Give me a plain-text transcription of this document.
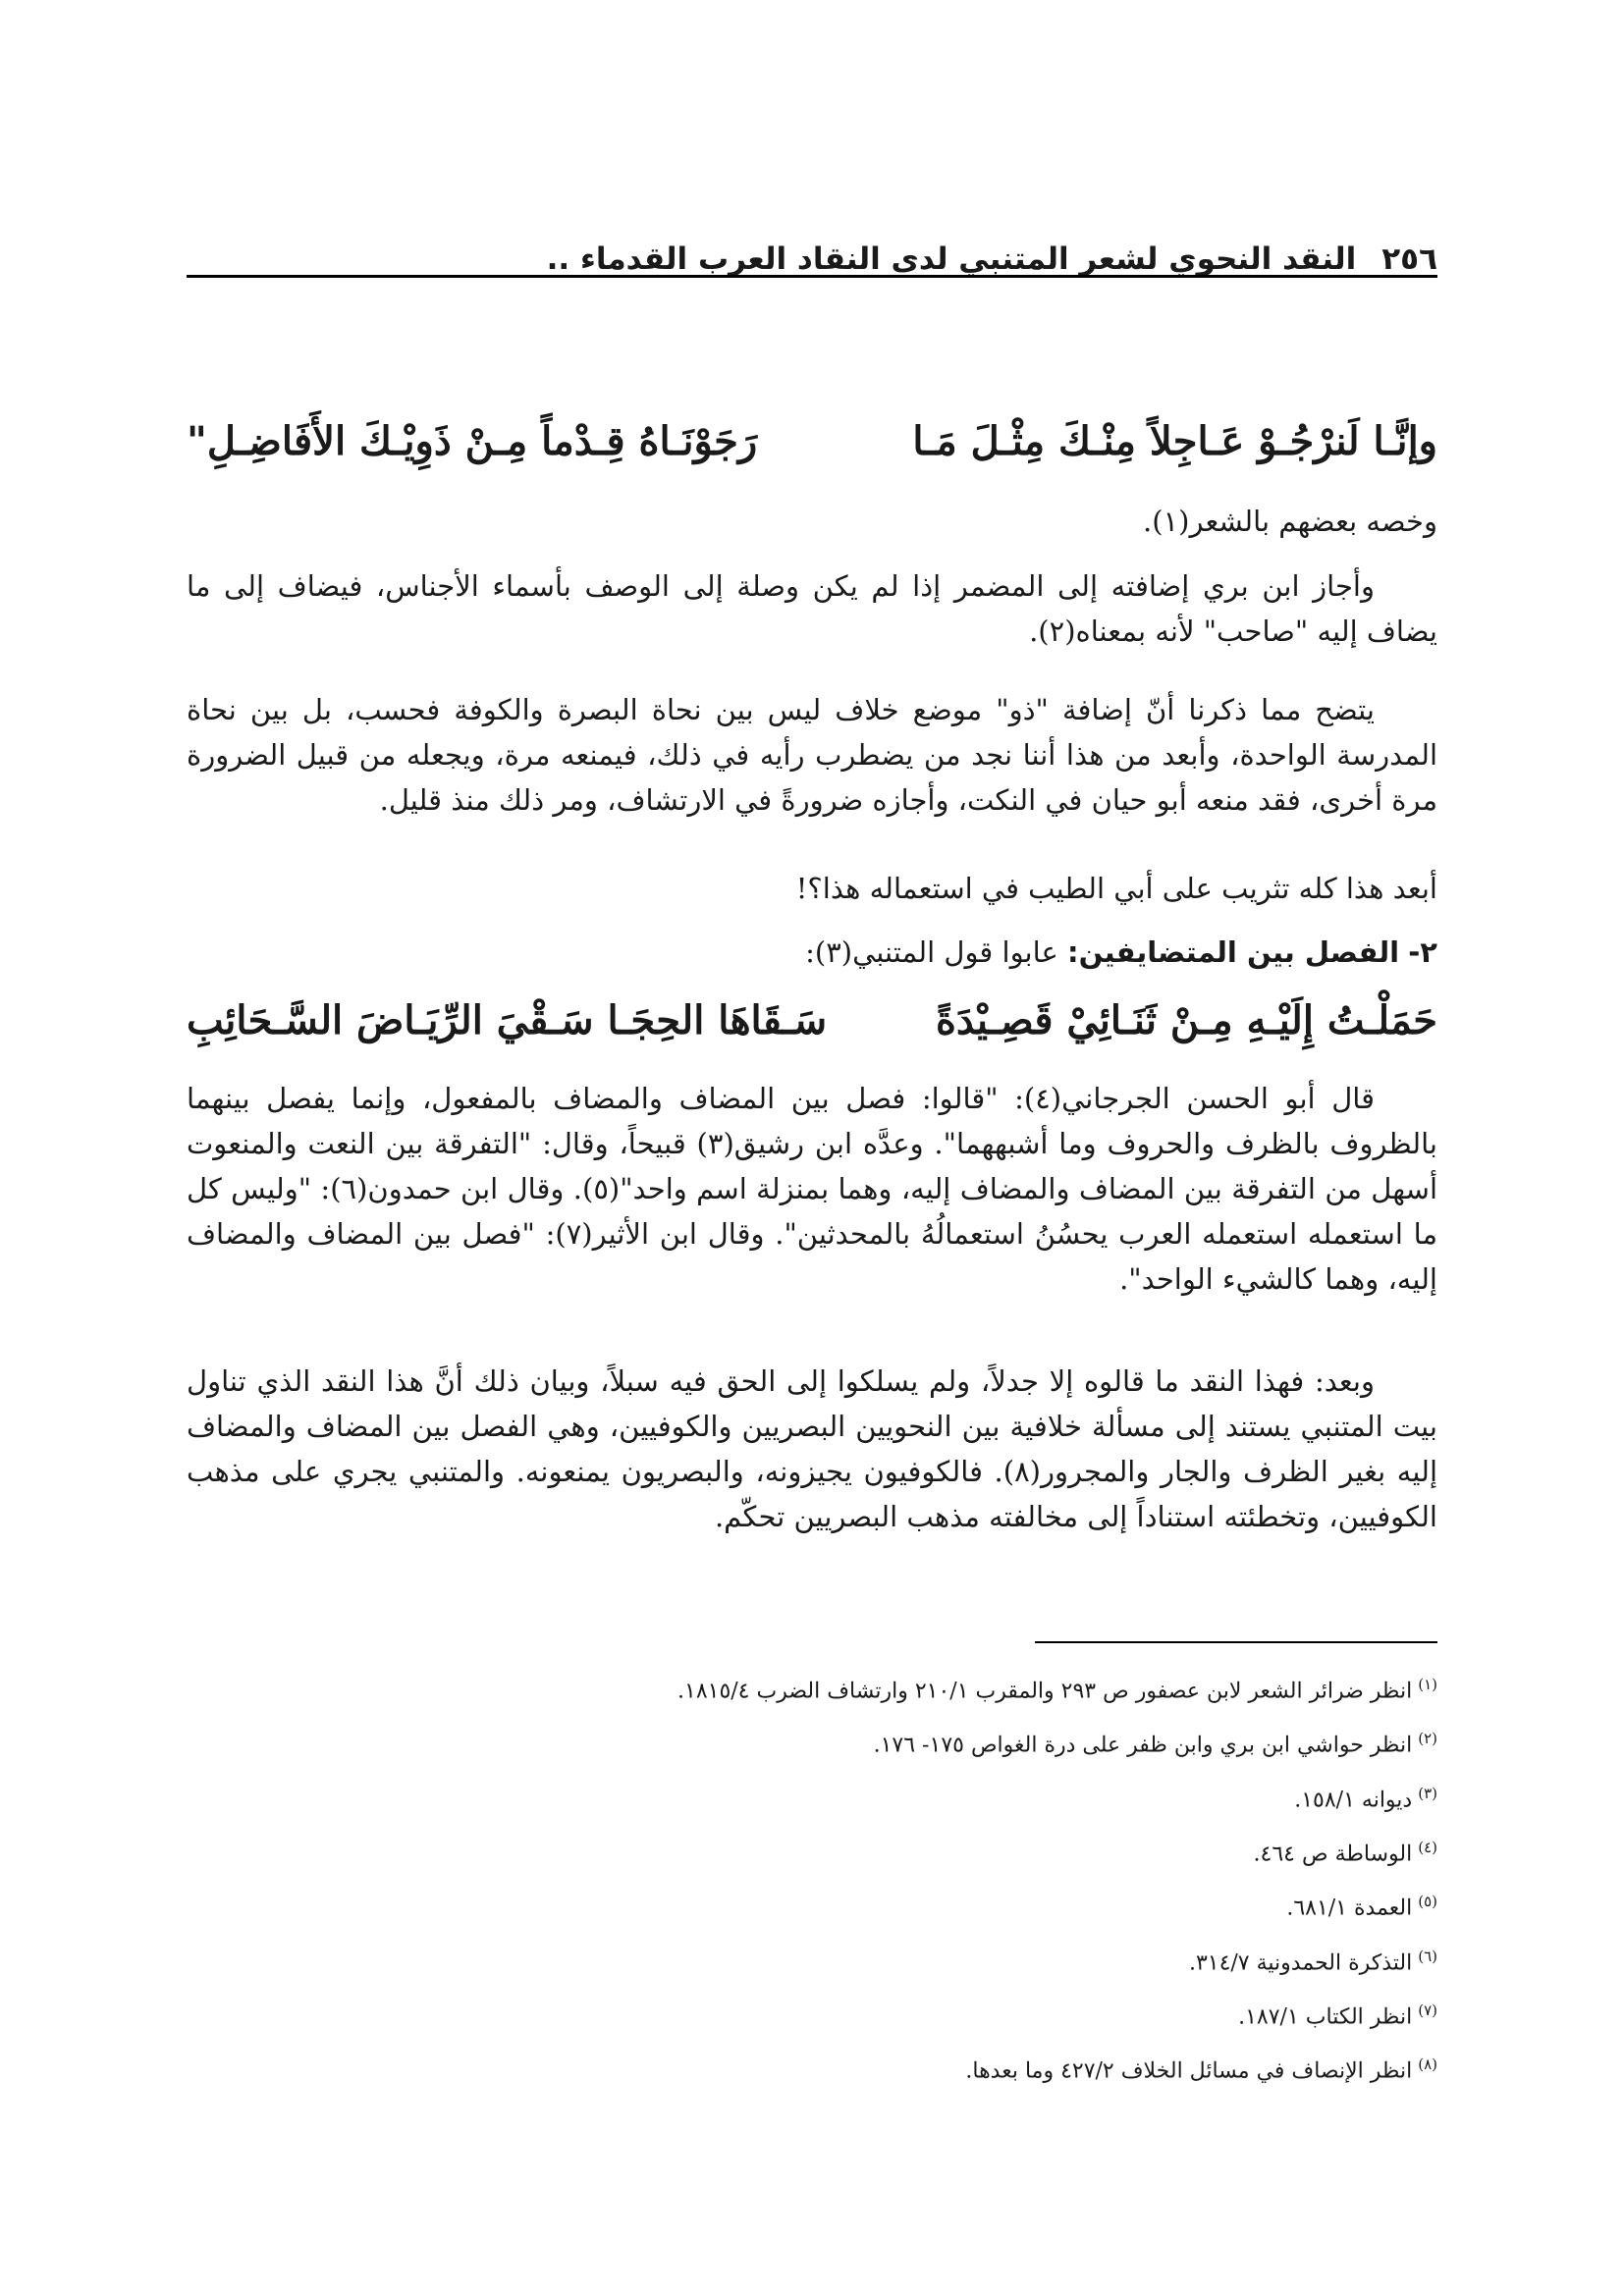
٢٥٦
النقد النحوي لشعر المتنبي لدى النقاد العرب القدماء ..
وإنَّـا لَنرْجُـوْ عَـاجِلاً مِنْـكَ مِثْـلَ مَـا
رَجَوْنَـاهُ قِـدْماً مِـنْ ذَوِيْـكَ الأَفَاضِـلِ"

وخصه بعضهم بالشعر(١).

وأجاز ابن بري إضافته إلى المضمر إذا لم يكن وصلة إلى الوصف بأسماء الأجناس، فيضاف إلى ما يضاف إليه "صاحب" لأنه بمعناه(٢).

يتضح مما ذكرنا أنّ إضافة "ذو" موضع خلاف ليس بين نحاة البصرة والكوفة فحسب، بل بين نحاة المدرسة الواحدة، وأبعد من هذا أننا نجد من يضطرب رأيه في ذلك، فيمنعه مرة، ويجعله من قبيل الضرورة مرة أخرى، فقد منعه أبو حيان في النكت، وأجازه ضرورةً في الارتشاف، ومر ذلك منذ قليل.

أبعد هذا كله تثريب على أبي الطيب في استعماله هذا؟!

٢- الفصل بين المتضايفين: عابوا قول المتنبي(٣):
حَمَلْـتُ إِلَيْـهِ مِـنْ ثَنَـائِيْ قَصِـيْدَةً
سَـقَاهَا الحِجَـا سَـقْيَ الرِّيَـاضَ السَّـحَائِبِ

قال أبو الحسن الجرجاني(٤): "قالوا: فصل بين المضاف والمضاف بالمفعول، وإنما يفصل بينهما بالظروف بالظرف والحروف وما أشبههما". وعدَّه ابن رشيق(٣) قبيحاً، وقال: "التفرقة بين النعت والمنعوت أسهل من التفرقة بين المضاف والمضاف إليه، وهما بمنزلة اسم واحد"(٥). وقال ابن حمدون(٦): "وليس كل ما استعمله استعمله العرب يحسُنُ استعمالُهُ بالمحدثين". وقال ابن الأثير(٧): "فصل بين المضاف والمضاف إليه، وهما كالشيء الواحد".

وبعد: فهذا النقد ما قالوه إلا جدلاً، ولم يسلكوا إلى الحق فيه سبلاً، وبيان ذلك أنَّ هذا النقد الذي تناول بيت المتنبي يستند إلى مسألة خلافية بين النحويين البصريين والكوفيين، وهي الفصل بين المضاف والمضاف إليه بغير الظرف والجار والمجرور(٨). فالكوفيون يجيزونه، والبصريون يمنعونه. والمتنبي يجري على مذهب الكوفيين، وتخطئته استناداً إلى مخالفته مذهب البصريين تحكّم.

$^{(١)}$انظر ضرائر الشعر لابن عصفور ص ٢٩٣ والمقرب ٢١٠/١ وارتشاف الضرب ١٨١٥/٤.
$^{(٢)}$انظر حواشي ابن بري وابن ظفر على درة الغواص ١٧٥- ١٧٦.
$^{(٣)}$ديوانه ١٥٨/١.
$^{(٤)}$الوساطة ص ٤٦٤.
$^{(٥)}$العمدة ٦٨١/١.
$^{(٦)}$التذكرة الحمدونية ٣١٤/٧.
$^{(٧)}$انظر الكتاب ١٨٧/١.
$^{(٨)}$انظر الإنصاف في مسائل الخلاف ٤٢٧/٢ وما بعدها.
